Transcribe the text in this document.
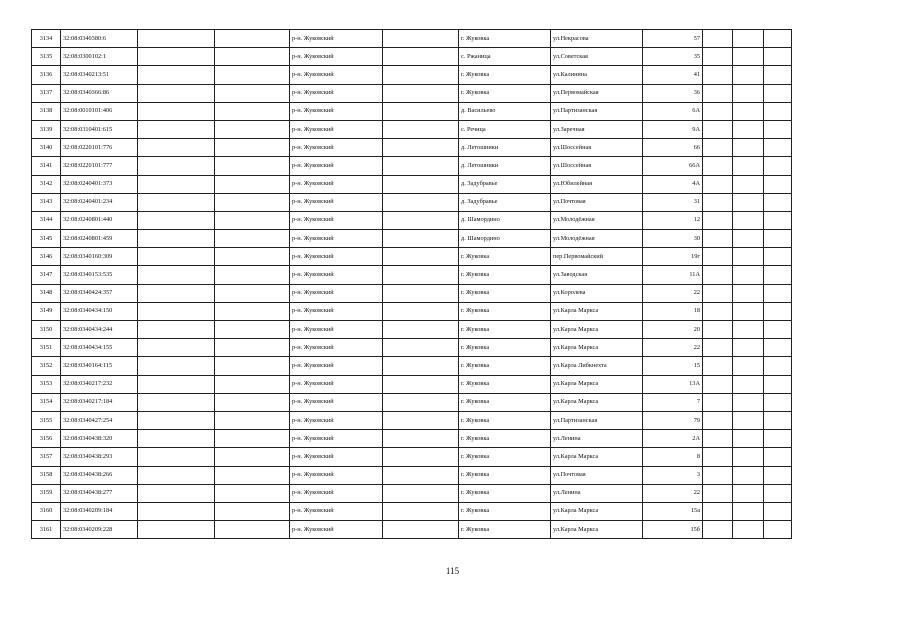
3134	32:08:0340380:6			р-н. Жуковский		г. Жуковка	ул.Некрасова	57			
3135	32:08:0300102:1			р-н. Жуковский		с. Ржаница	ул.Советская	35			
3136	32:08:0340213:51			р-н. Жуковский		г. Жуковка	ул.Калинина	41			
3137	32:08:0340366:86			р-н. Жуковский		г. Жуковка	ул.Первомайская	36			
3138	32:08:0010101:406			р-н. Жуковский		д. Васильево	ул.Партизанская	6А			
3139	32:08:0310401:615			р-н. Жуковский		с. Речица	ул.Заречная	9А			
3140	32:08:0220101:776			р-н. Жуковский		д. Летошники	ул.Шоссейная	66			
3141	32:08:0220101:777			р-н. Жуковский		д. Летошники	ул.Шоссейная	66А			
3142	32:08:0240401:373			р-н. Жуковский		д. Задубравье	ул.Юбилейная	4А			
3143	32:08:0240401:234			р-н. Жуковский		д. Задубравье	ул.Почтовая	31			
3144	32:08:0240801:440			р-н. Жуковский		д. Шамордино	ул.Молодёжная	12			
3145	32:08:0240801:459			р-н. Жуковский		д. Шамордино	ул.Молодёжная	30			
3146	32:08:0340160:309			р-н. Жуковский		г. Жуковка	пер.Первомайский	19г			
3147	32:08:0340153:535			р-н. Жуковский		г. Жуковка	ул.Заводская	11А			
3148	32:08:0340424:357			р-н. Жуковский		г. Жуковка	ул.Королева	22			
3149	32:08:0340434:150			р-н. Жуковский		г. Жуковка	ул.Карла Маркса	18			
3150	32:08:0340434:244			р-н. Жуковский		г. Жуковка	ул.Карла Маркса	20			
3151	32:08:0340434:155			р-н. Жуковский		г. Жуковка	ул.Карла Маркса	22			
3152	32:08:0340164:115			р-н. Жуковский		г. Жуковка	ул.Карла Либкнехта	15			
3153	32:08:0340217:232			р-н. Жуковский		г. Жуковка	ул.Карла Маркса	13А			
3154	32:08:0340217:184			р-н. Жуковский		г. Жуковка	ул.Карла Маркса	7			
3155	32:08:0340427:254			р-н. Жуковский		г. Жуковка	ул.Партизанская	79			
3156	32:08:0340438:320			р-н. Жуковский		г. Жуковка	ул.Ленина	2А			
3157	32:08:0340438:293			р-н. Жуковский		г. Жуковка	ул.Карла Маркса	8			
3158	32:08:0340438:266			р-н. Жуковский		г. Жуковка	ул.Почтовая	3			
3159	32:08:0340438:277			р-н. Жуковский		г. Жуковка	ул.Ленина	22			
3160	32:08:0340209:184			р-н. Жуковский		г. Жуковка	ул.Карла Маркса	15а			
3161	32:08:0340209:228			р-н. Жуковский		г. Жуковка	ул.Карла Маркса	15б			
115
